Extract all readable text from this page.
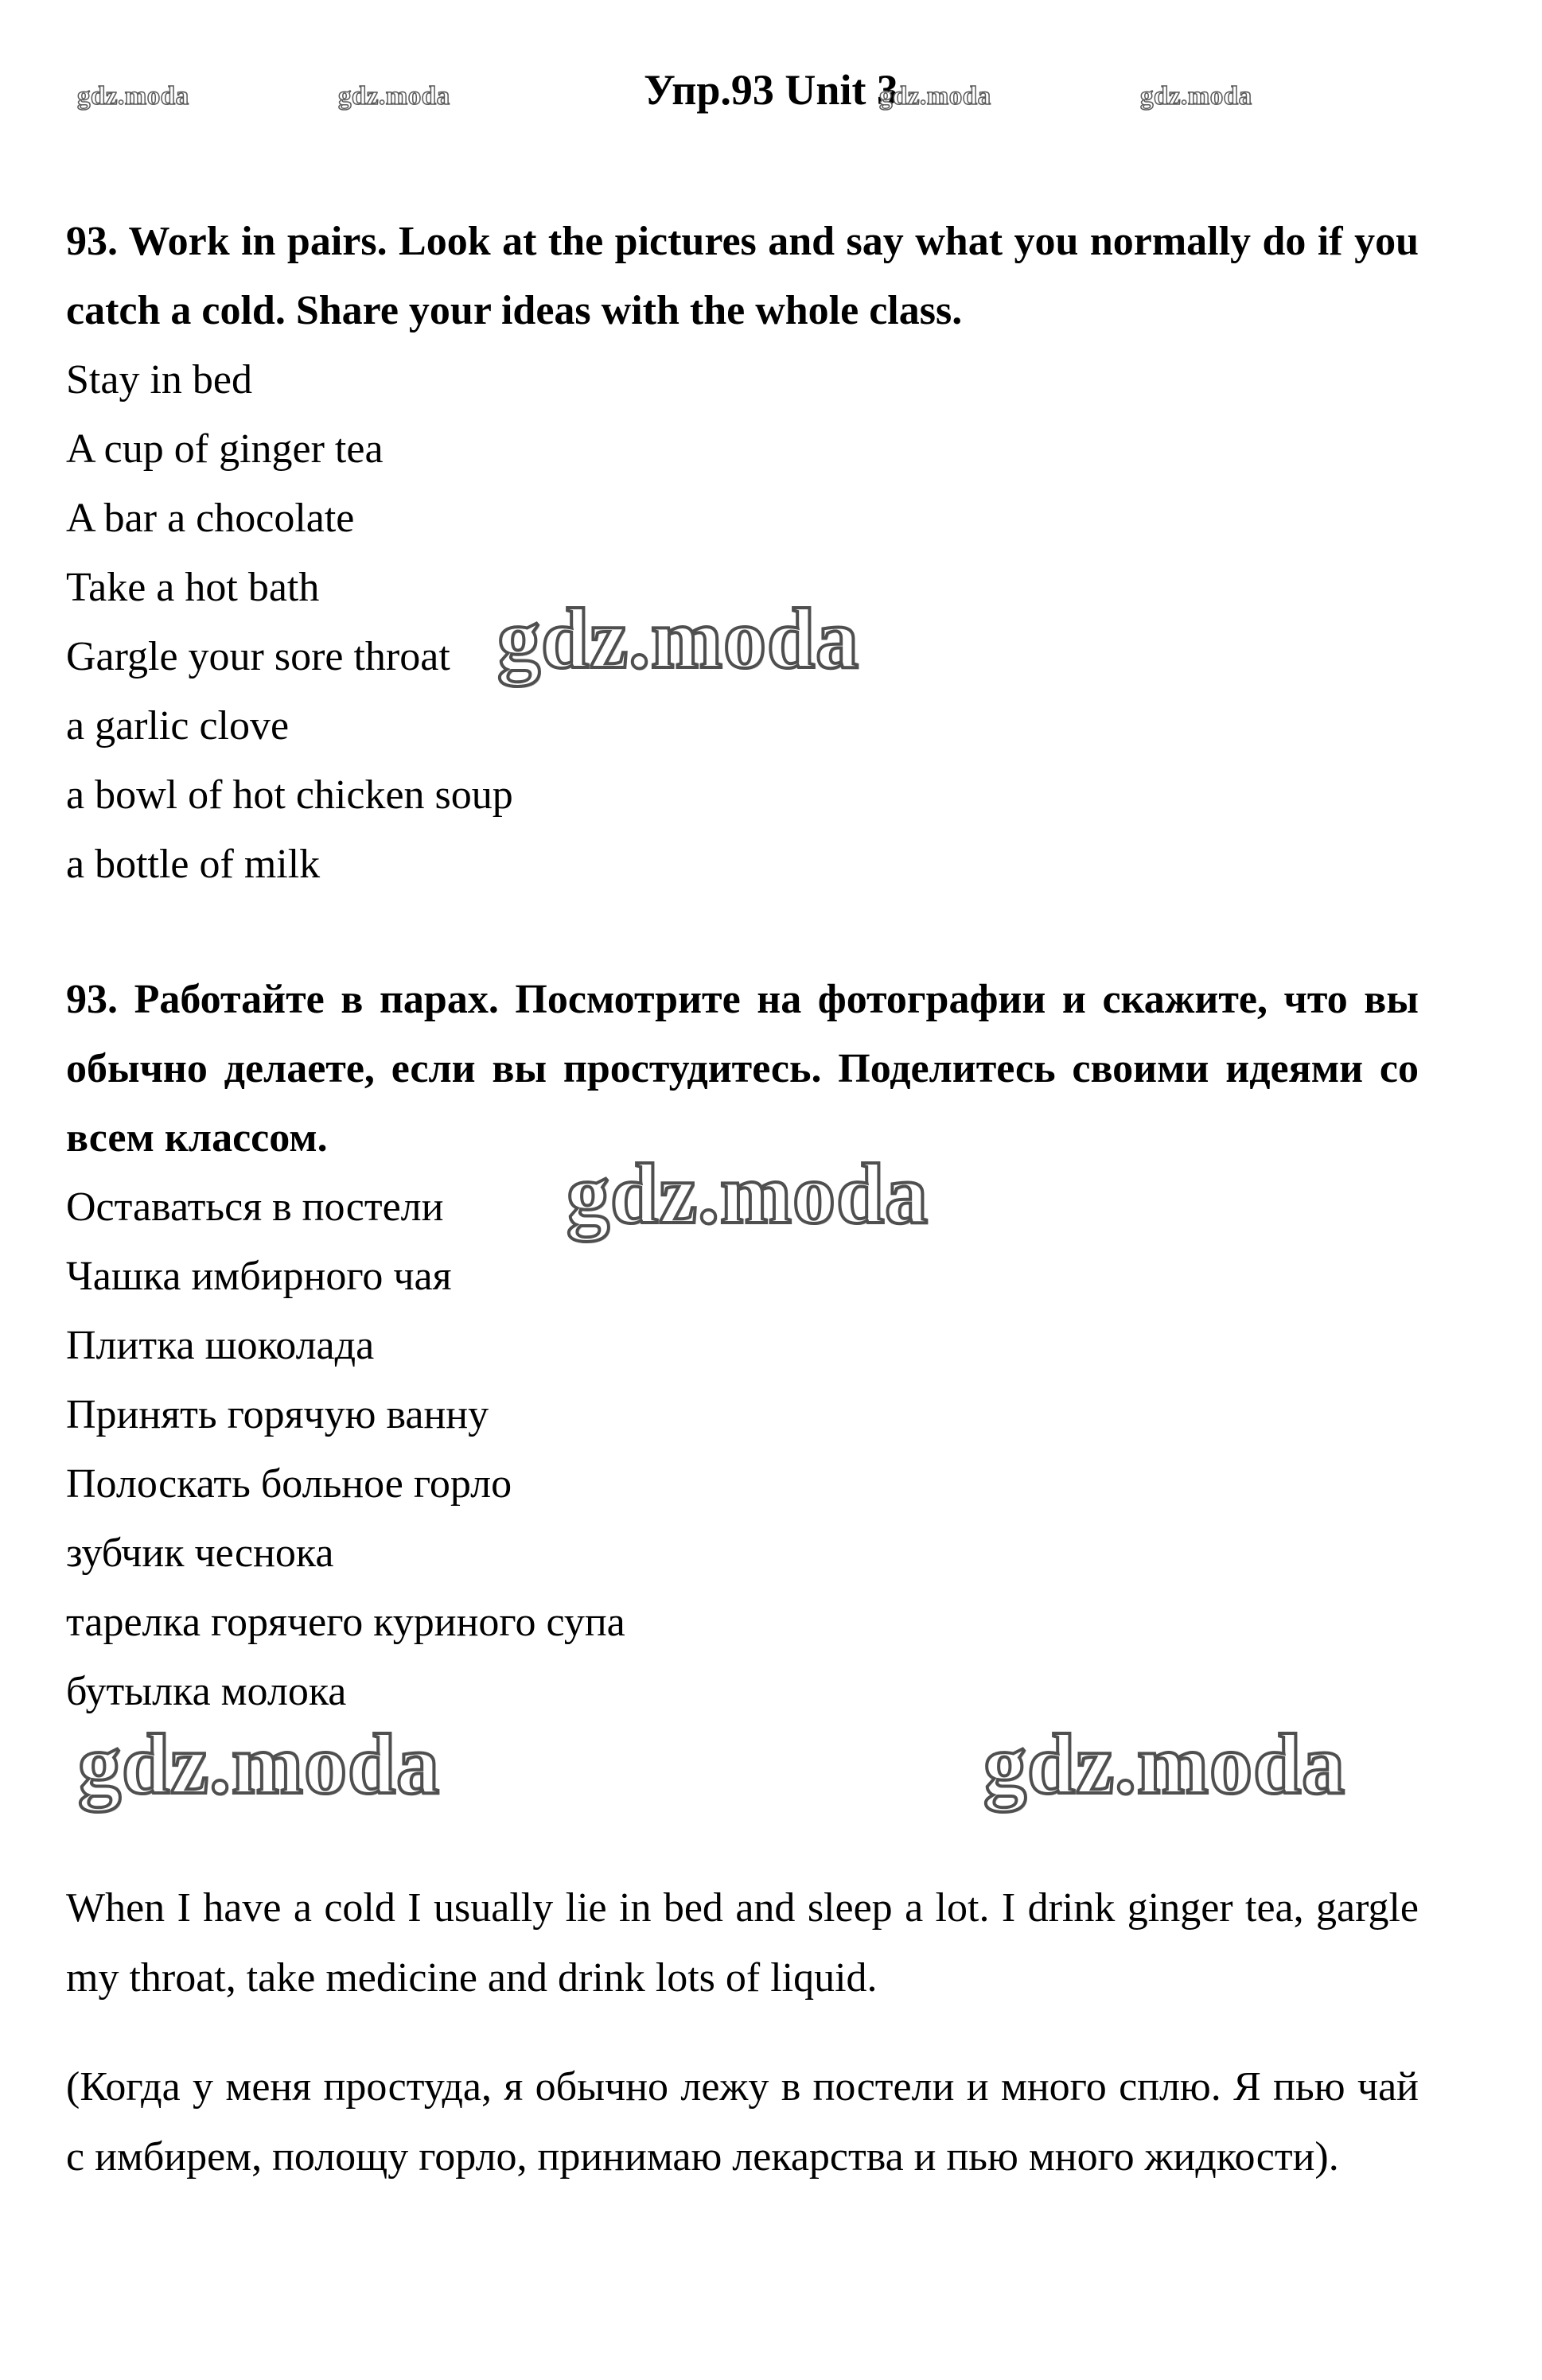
gdz.moda	gdz.moda	Упр.93 Unit 3
gdz.moda	gdz.moda

93. Work in pairs. Look at the pictures and say what you normally do if you catch a cold. Share your ideas with the whole class.

Stay in bed

A cup of ginger tea

A bar a chocolate

Take a hot bath

Gargle your sore throat

a garlic clove

a bowl of hot chicken soup

a bottle of milk

93. Работайте в парах. Посмотрите на фотографии и скажите, что вы обычно делаете, если вы простудитесь. Поделитесь своими идеями со всем классом.

Оставаться в постели

Чашка имбирного чая

Плитка шоколада

Принять горячую ванну

Полоскать больное горло

зубчик чеснока

тарелка горячего куриного супа

бутылка молока

When I have a cold I usually lie in bed and sleep a lot. I drink ginger tea, gargle my throat, take medicine and drink lots of liquid.

(Когда у меня простуда, я обычно лежу в постели и много сплю. Я пью чай с имбирем, полощу горло, принимаю лекарства и пью много жидкости).

gdz.moda
gdz.moda
gdz.moda	gdz.moda
